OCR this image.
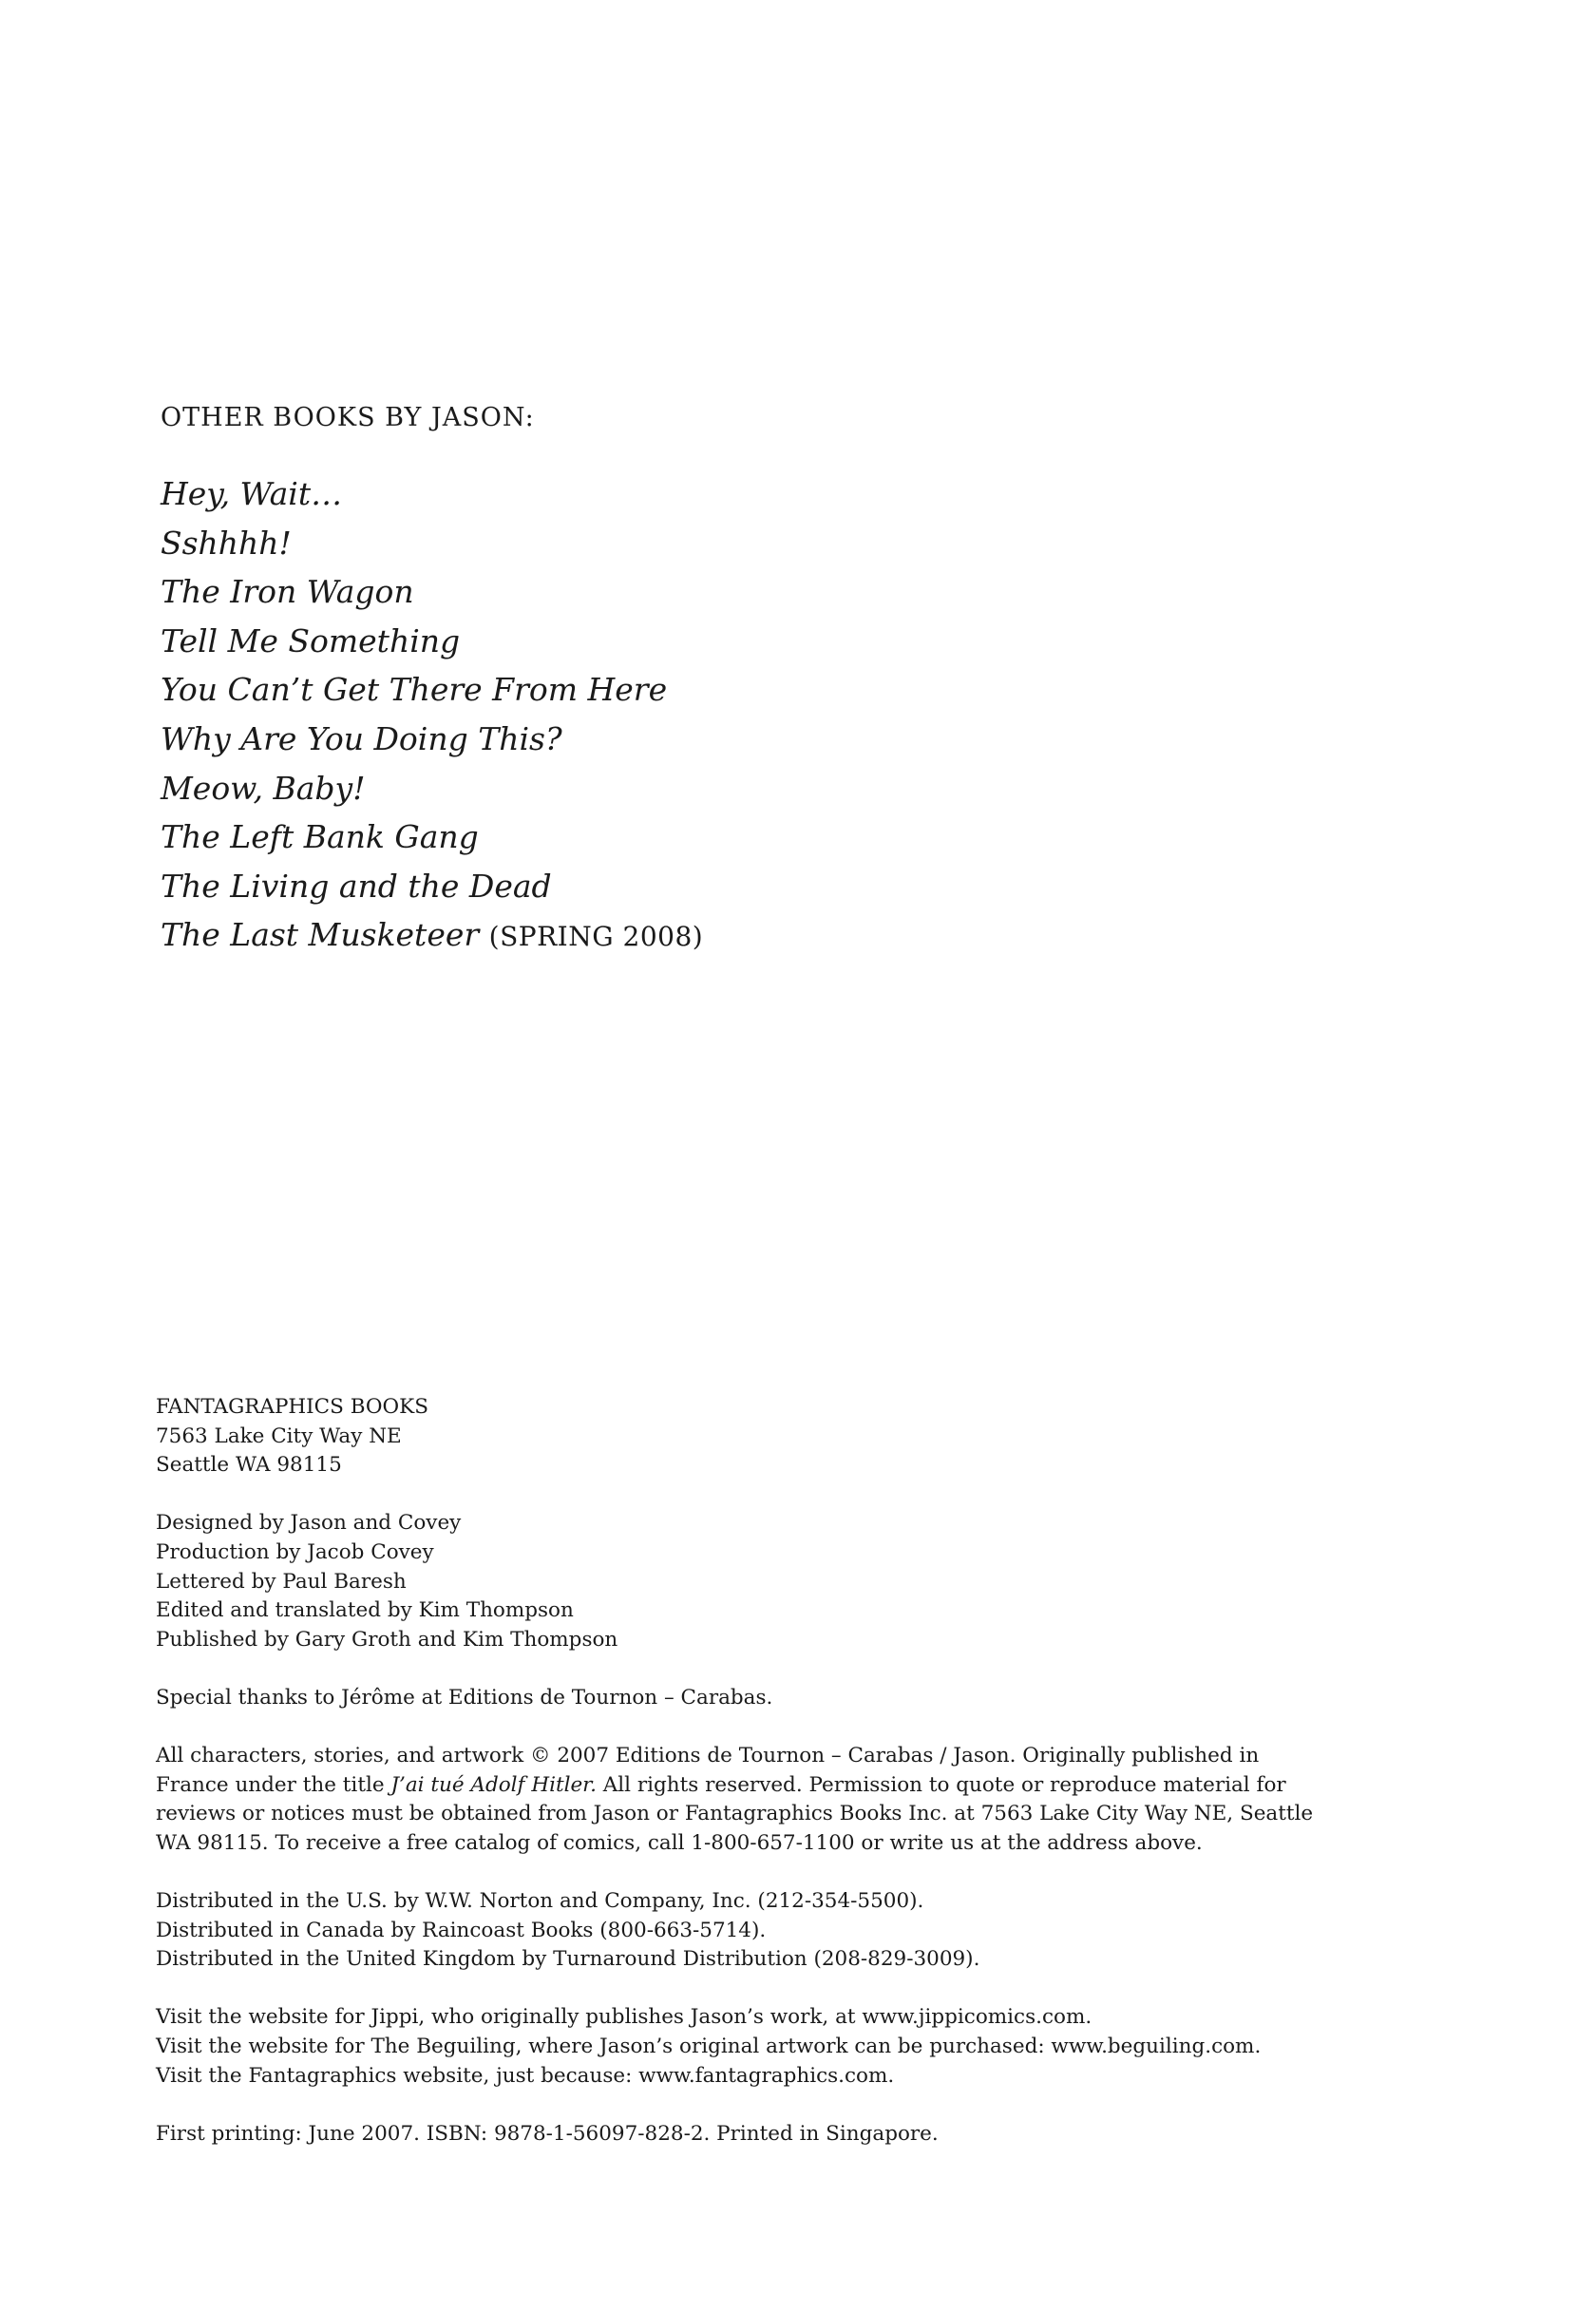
OTHER BOOKS BY JASON:
Hey, Wait…
Sshhhh!
The Iron Wagon
Tell Me Something
You Can’t Get There From Here
Why Are You Doing This?
Meow, Baby!
The Left Bank Gang
The Living and the Dead
The Last Musketeer (SPRING 2008)
FANTAGRAPHICS BOOKS
7563 Lake City Way NE
Seattle WA 98115
Designed by Jason and Covey
Production by Jacob Covey
Lettered by Paul Baresh
Edited and translated by Kim Thompson
Published by Gary Groth and Kim Thompson
Special thanks to Jérôme at Editions de Tournon – Carabas.
All characters, stories, and artwork © 2007 Editions de Tournon – Carabas / Jason. Originally published in
France under the title J’ai tué Adolf Hitler. All rights reserved. Permission to quote or reproduce material for
reviews or notices must be obtained from Jason or Fantagraphics Books Inc. at 7563 Lake City Way NE, Seattle
WA 98115. To receive a free catalog of comics, call 1-800-657-1100 or write us at the address above.
Distributed in the U.S. by W.W. Norton and Company, Inc. (212-354-5500).
Distributed in Canada by Raincoast Books (800-663-5714).
Distributed in the United Kingdom by Turnaround Distribution (208-829-3009).
Visit the website for Jippi, who originally publishes Jason’s work, at www.jippicomics.com.
Visit the website for The Beguiling, where Jason’s original artwork can be purchased: www.beguiling.com.
Visit the Fantagraphics website, just because: www.fantagraphics.com.
First printing: June 2007. ISBN: 9878-1-56097-828-2. Printed in Singapore.
